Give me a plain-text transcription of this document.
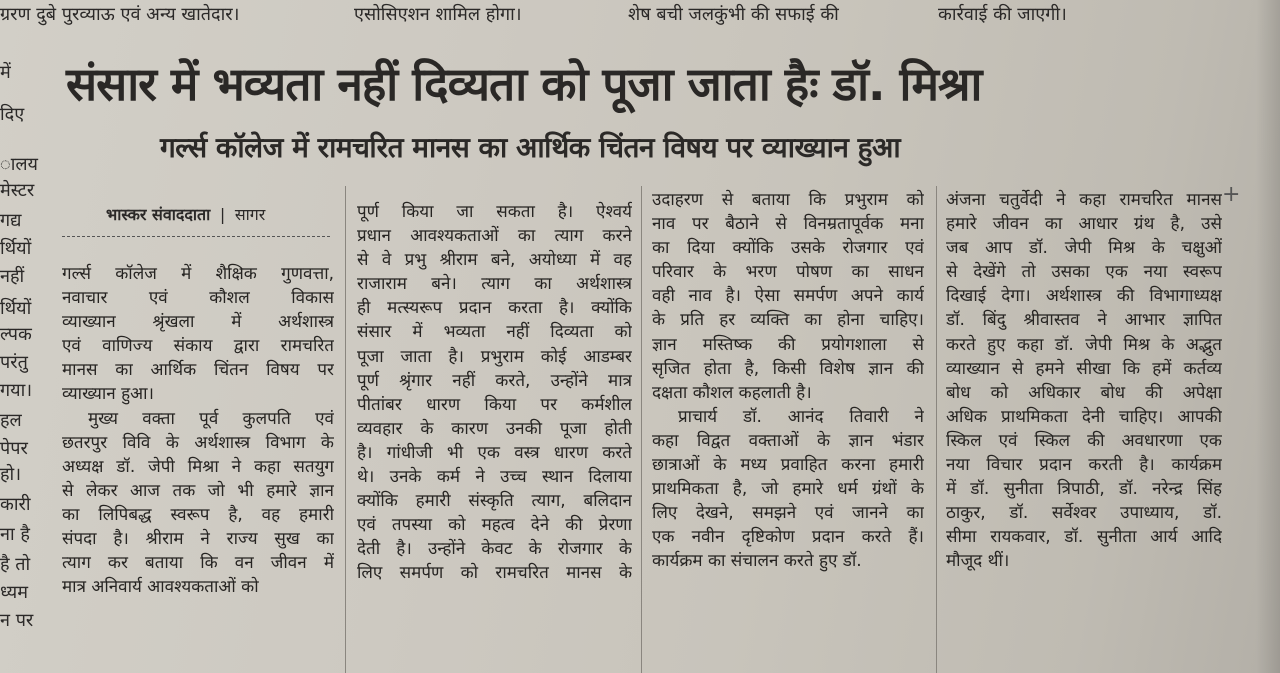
ग्ररण दुबे पुरव्याऊ एवं अन्य खातेदार।	एसोसिएशन शामिल होगा।	शेष बची जलकुंभी की सफाई की	कार्रवाई की जाएगी।
में
दिए
ालय
मेस्टर
गद्य
र्थियों
नहीं
र्थियों
ल्पक
परंतु
गया।
हल
पेपर
हो।
कारी
ना है
है तो
ध्यम
न पर
संसार में भव्यता नहीं दिव्यता को पूजा जाता हैः डॉ. मिश्रा
गर्ल्स कॉलेज में रामचरित मानस का आर्थिक चिंतन विषय पर व्याख्यान हुआ
भास्कर संवाददाता | सागर
+
गर्ल्स कॉलेज में शैक्षिक गुणवत्ता,
नवाचार एवं कौशल विकास
व्याख्यान श्रृंखला में अर्थशास्त्र
एवं वाणिज्य संकाय द्वारा रामचरित
मानस का आर्थिक चिंतन विषय पर
व्याख्यान हुआ।
मुख्य वक्ता पूर्व कुलपति एवं
छतरपुर विवि के अर्थशास्त्र विभाग के
अध्यक्ष डॉ. जेपी मिश्रा ने कहा सतयुग
से लेकर आज तक जो भी हमारे ज्ञान
का लिपिबद्ध स्वरूप है, वह हमारी
संपदा है। श्रीराम ने राज्य सुख का
त्याग कर बताया कि वन जीवन में
मात्र अनिवार्य आवश्यकताओं को
पूर्ण किया जा सकता है। ऐश्वर्य
प्रधान आवश्यकताओं का त्याग करने
से वे प्रभु श्रीराम बने, अयोध्या में वह
राजाराम बने। त्याग का अर्थशास्त्र
ही मत्स्यरूप प्रदान करता है। क्योंकि
संसार में भव्यता नहीं दिव्यता को
पूजा जाता है। प्रभुराम कोई आडम्बर
पूर्ण श्रृंगार नहीं करते, उन्होंने मात्र
पीतांबर धारण किया पर कर्मशील
व्यवहार के कारण उनकी पूजा होती
है। गांधीजी भी एक वस्त्र धारण करते
थे। उनके कर्म ने उच्च स्थान दिलाया
क्योंकि हमारी संस्कृति त्याग, बलिदान
एवं तपस्या को महत्व देने की प्रेरणा
देती है। उन्होंने केवट के रोजगार के
लिए समर्पण को रामचरित मानस के
उदाहरण से बताया कि प्रभुराम को
नाव पर बैठाने से विनम्रतापूर्वक मना
का दिया क्योंकि उसके रोजगार एवं
परिवार के भरण पोषण का साधन
वही नाव है। ऐसा समर्पण अपने कार्य
के प्रति हर व्यक्ति का होना चाहिए।
ज्ञान मस्तिष्क की प्रयोगशाला से
सृजित होता है, किसी विशेष ज्ञान की
दक्षता कौशल कहलाती है।
प्राचार्य डॉ. आनंद तिवारी ने
कहा विद्वत वक्ताओं के ज्ञान भंडार
छात्राओं के मध्य प्रवाहित करना हमारी
प्राथमिकता है, जो हमारे धर्म ग्रंथों के
लिए देखने, समझने एवं जानने का
एक नवीन दृष्टिकोण प्रदान करते हैं।
कार्यक्रम का संचालन करते हुए डॉ.
अंजना चतुर्वेदी ने कहा रामचरित मानस
हमारे जीवन का आधार ग्रंथ है, उसे
जब आप डॉ. जेपी मिश्र के चक्षुओं
से देखेंगे तो उसका एक नया स्वरूप
दिखाई देगा। अर्थशास्त्र की विभागाध्यक्ष
डॉ. बिंदु श्रीवास्तव ने आभार ज्ञापित
करते हुए कहा डॉ. जेपी मिश्र के अद्भुत
व्याख्यान से हमने सीखा कि हमें कर्तव्य
बोध को अधिकार बोध की अपेक्षा
अधिक प्राथमिकता देनी चाहिए। आपकी
स्किल एवं स्किल की अवधारणा एक
नया विचार प्रदान करती है। कार्यक्रम
में डॉ. सुनीता त्रिपाठी, डॉ. नरेन्द्र सिंह
ठाकुर, डॉ. सर्वेश्वर उपाध्याय, डॉ.
सीमा रायकवार, डॉ. सुनीता आर्य आदि
मौजूद थीं।
